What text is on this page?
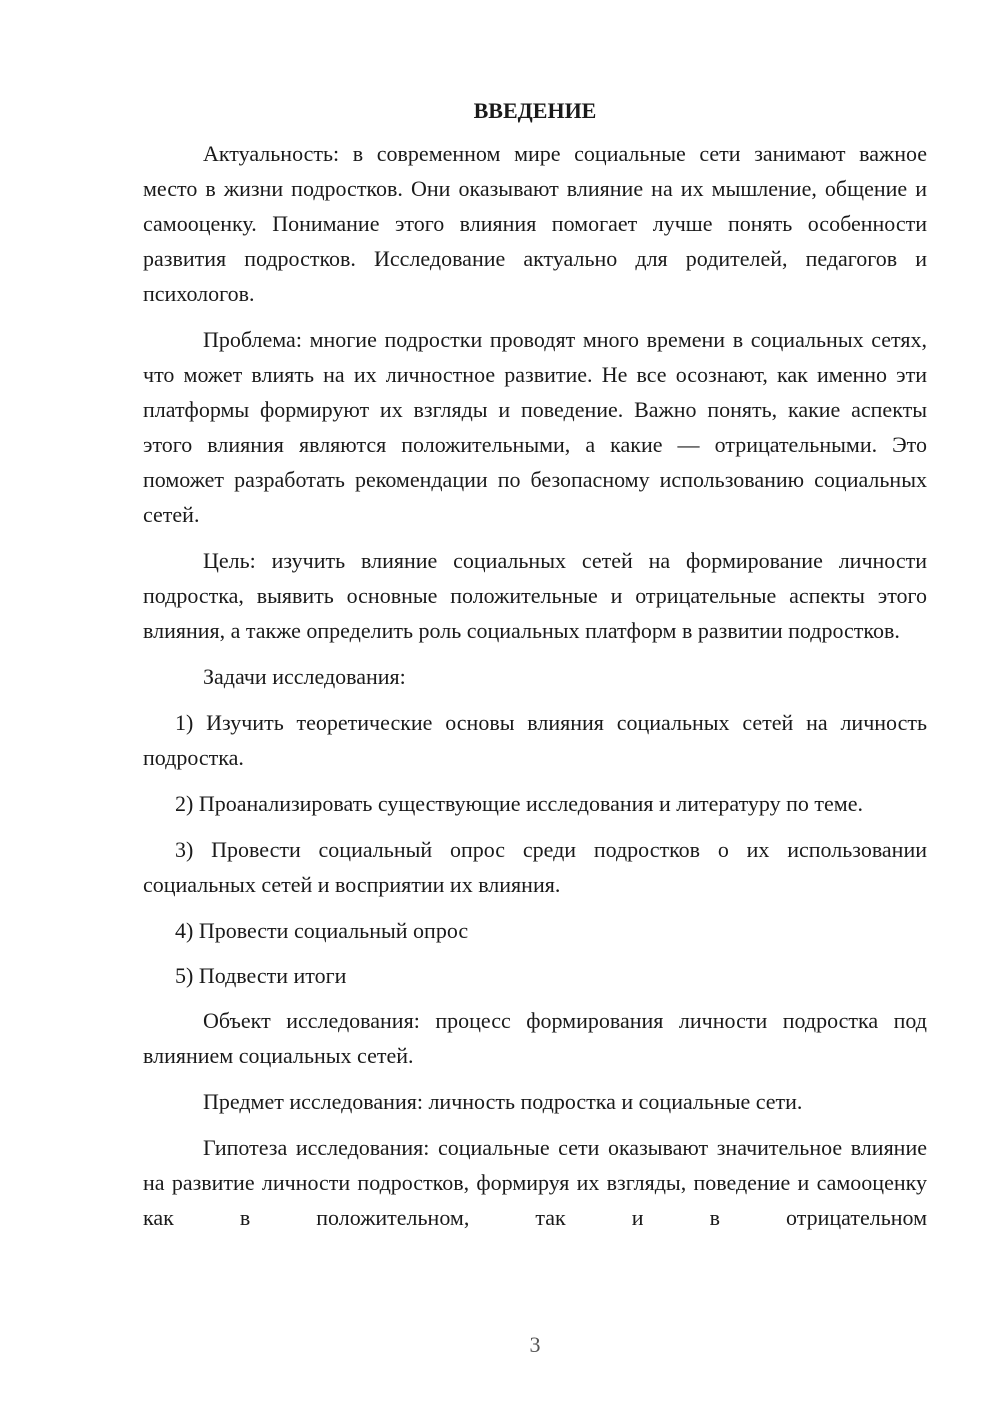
ВВЕДЕНИЕ

Актуальность: в современном мире социальные сети занимают важное место в жизни подростков. Они оказывают влияние на их мышление, общение и самооценку. Понимание этого влияния помогает лучше понять особенности развития подростков. Исследование актуально для родителей, педагогов и психологов.

Проблема: многие подростки проводят много времени в социальных сетях, что может влиять на их личностное развитие. Не все осознают, как именно эти платформы формируют их взгляды и поведение. Важно понять, какие аспекты этого влияния являются положительными, а какие — отрицательными. Это поможет разработать рекомендации по безопасному использованию социальных сетей.

Цель: изучить влияние социальных сетей на формирование личности подростка, выявить основные положительные и отрицательные аспекты этого влияния, а также определить роль социальных платформ в развитии подростков.

Задачи исследования:

1) Изучить теоретические основы влияния социальных сетей на личность подростка.

2) Проанализировать существующие исследования и литературу по теме.

3) Провести социальный опрос среди подростков о их использовании социальных сетей и восприятии их влияния.

4) Провести социальный опрос

5) Подвести итоги

Объект исследования: процесс формирования личности подростка под влиянием социальных сетей.

Предмет исследования: личность подростка и социальные сети.

Гипотеза исследования: социальные сети оказывают значительное влияние на развитие личности подростков, формируя их взгляды, поведение и самооценку как в положительном, так и в отрицательном

3
